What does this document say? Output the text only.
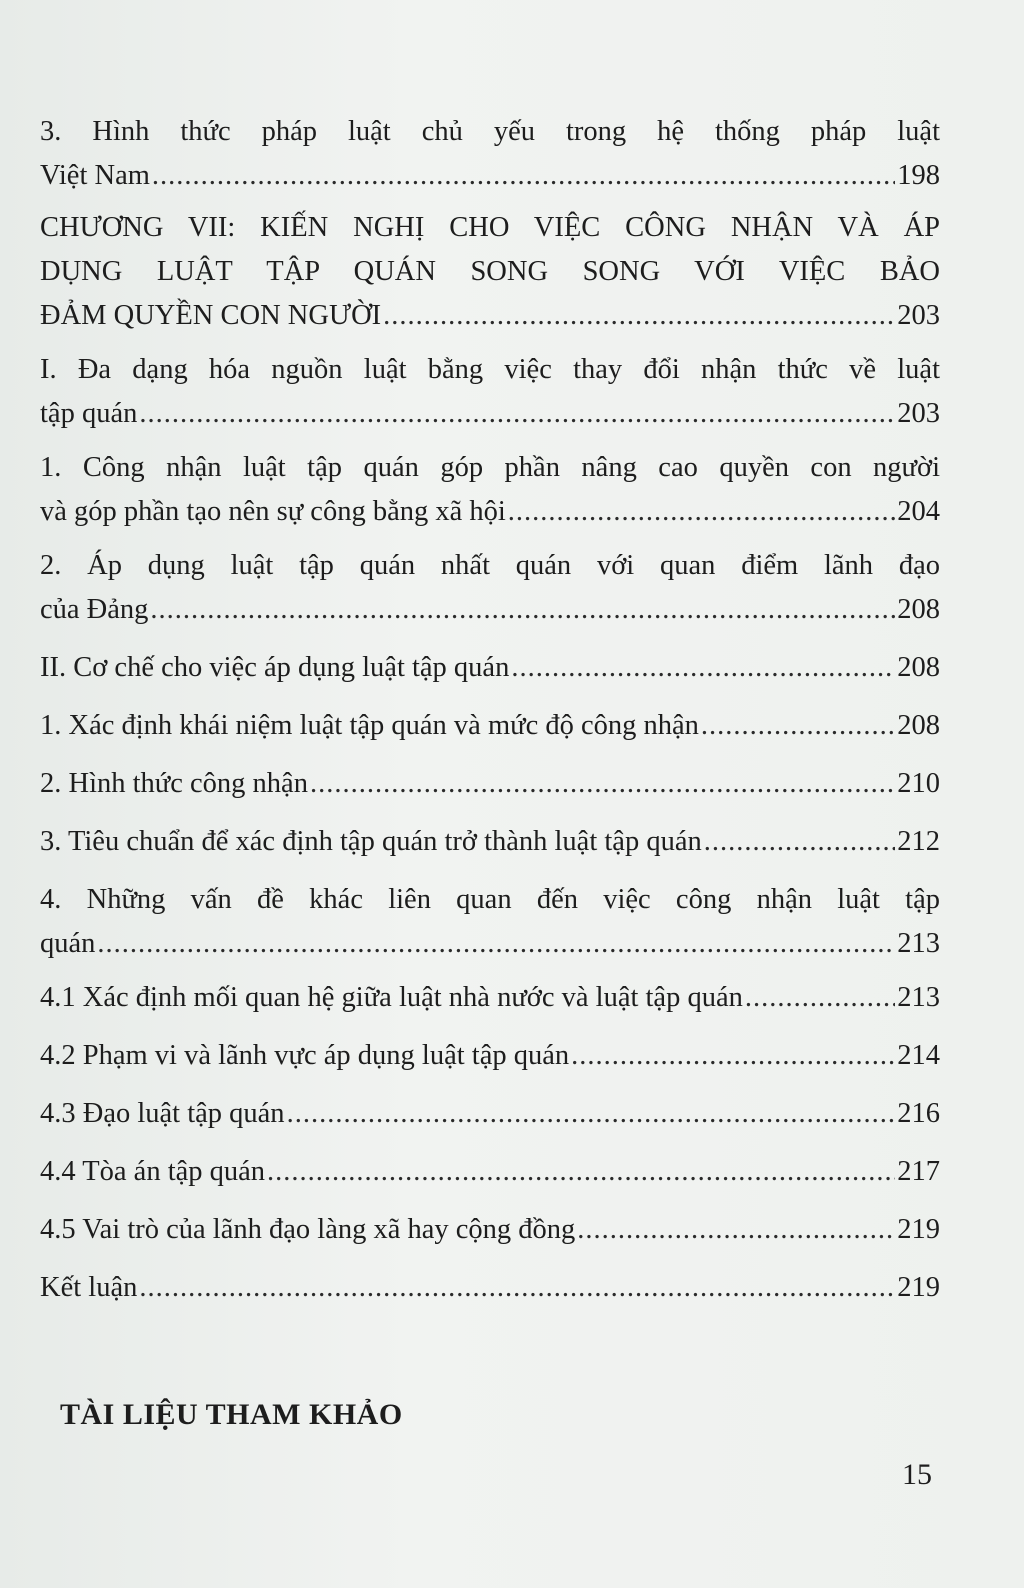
3. Hình thức pháp luật chủ yếu trong hệ thống pháp luật
Việt Nam .....	198
CHƯƠNG VII: KIẾN NGHỊ CHO VIỆC CÔNG NHẬN VÀ ÁP
DỤNG LUẬT TẬP QUÁN SONG SONG VỚI VIỆC BẢO
ĐẢM QUYỀN CON NGƯỜI .....	203
I. Đa dạng hóa nguồn luật bằng việc thay đổi nhận thức về luật
tập quán .....	203
1. Công nhận luật tập quán góp phần nâng cao quyền con người
và góp phần tạo nên sự công bằng xã hội .....	204
2. Áp dụng luật tập quán nhất quán với quan điểm lãnh đạo
của Đảng .....	208
II. Cơ chế cho việc áp dụng luật tập quán .....	208
1. Xác định khái niệm luật tập quán và mức độ công nhận .....	208
2. Hình thức công nhận .....	210
3. Tiêu chuẩn để xác định tập quán trở thành luật tập quán .....	212
4. Những vấn đề khác liên quan đến việc công nhận luật tập
quán .....	213
4.1 Xác định mối quan hệ giữa luật nhà nước và luật tập quán .....	213
4.2 Phạm vi và lãnh vực áp dụng luật tập quán .....	214
4.3 Đạo luật tập quán .....	216
4.4 Tòa án tập quán .....	217
4.5 Vai trò của lãnh đạo làng xã hay cộng đồng .....	219
Kết luận .....	219
TÀI LIỆU THAM KHẢO
15
